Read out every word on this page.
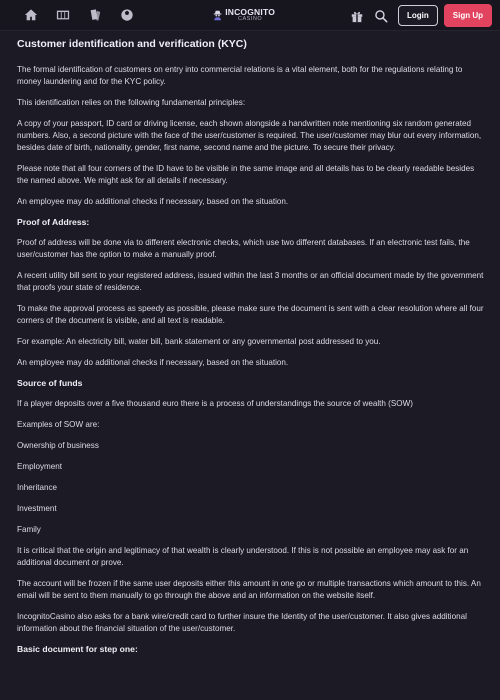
INCOGNITO
CASINO	Login	Sign Up
Customer identification and verification (KYC)

The formal identification of customers on entry into commercial relations is a vital element, both for the regulations relating to money laundering and for the KYC policy.

This identification relies on the following fundamental principles:

A copy of your passport, ID card or driving license, each shown alongside a handwritten note mentioning six random generated numbers. Also, a second picture with the face of the user/customer is required. The user/customer may blur out every information, besides date of birth, nationality, gender, first name, second name and the picture. To secure their privacy.

Please note that all four corners of the ID have to be visible in the same image and all details has to be clearly readable besides the named above. We might ask for all details if necessary.

An employee may do additional checks if necessary, based on the situation.

Proof of Address:

Proof of address will be done via to different electronic checks, which use two different databases. If an electronic test fails, the user/customer has the option to make a manually proof.

A recent utility bill sent to your registered address, issued within the last 3 months or an official document made by the government that proofs your state of residence.

To make the approval process as speedy as possible, please make sure the document is sent with a clear resolution where all four corners of the document is visible, and all text is readable.

For example: An electricity bill, water bill, bank statement or any governmental post addressed to you.

An employee may do additional checks if necessary, based on the situation.

Source of funds

If a player deposits over a five thousand euro there is a process of understandings the source of wealth (SOW)

Examples of SOW are:

Ownership of business

Employment

Inheritance

Investment

Family

It is critical that the origin and legitimacy of that wealth is clearly understood. If this is not possible an employee may ask for an additional document or prove.

The account will be frozen if the same user deposits either this amount in one go or multiple transactions which amount to this. An email will be sent to them manually to go through the above and an information on the website itself.

IncognitoCasino also asks for a bank wire/credit card to further insure the Identity of the user/customer. It also gives additional information about the financial situation of the user/customer.

Basic document for step one:
